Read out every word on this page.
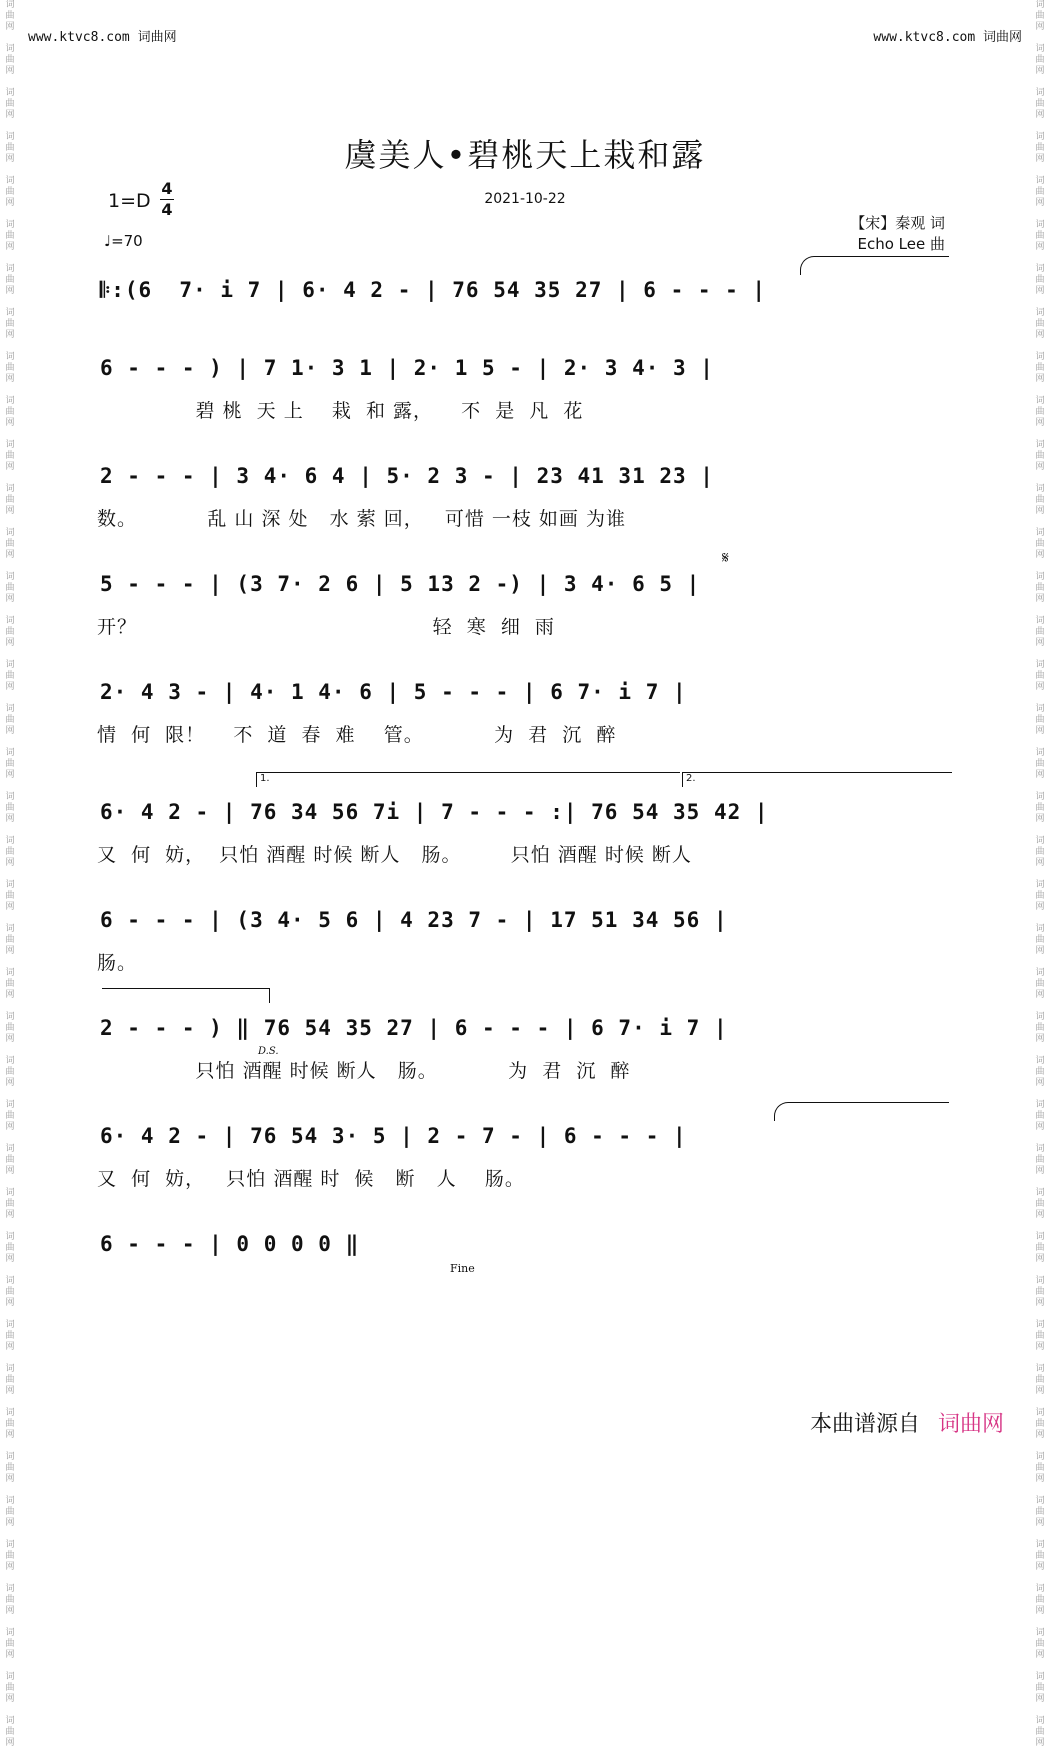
词
曲
网

词
曲
网

词
曲
网

词
曲
网

词
曲
网

词
曲
网

词
曲
网

词
曲
网

词
曲
网

词
曲
网

词
曲
网

词
曲
网

词
曲
网

词
曲
网

词
曲
网

词
曲
网

词
曲
网

词
曲
网

词
曲
网

词
曲
网

词
曲
网

词
曲
网

词
曲
网

词
曲
网

词
曲
网

词
曲
网

词
曲
网

词
曲
网

词
曲
网

词
曲
网

词
曲
网

词
曲
网

词
曲
网

词
曲
网

词
曲
网

词
曲
网

词
曲
网

词
曲
网

词
曲
网

词
曲
网

词
曲
网

词
曲
网

词
曲
网

词
曲
网

词
曲
网

词
曲
网

词
曲
网

词
曲
网

词
曲
网

词
曲
网

词
曲
网

词
曲
网

词
曲
网

词
曲
网

词
曲
网

词
曲
网

词
曲
网

词
曲
网

词
曲
网

词
曲
网

词
曲
网

词
曲
网

词
曲
网

词
曲
网

词
曲
网

词
曲
网

词
曲
网

词
曲
网

词
曲
网

词
曲
网

词
曲
网

词
曲
网

词
曲
网

词
曲
网

词
曲
网

词
曲
网

词
曲
网

词
曲
网

词
曲
网

词
曲
网

www.ktvc8.com 词曲网	www.ktvc8.com 词曲网
虞美人•碧桃天上栽和露
2021-10-22
1=D
4
4
♩=70
【宋】秦观 词
Echo Lee 曲
𝄆:(6  7· i 7 | 6· 4 2 - | 76 54 35 27 | 6 - - - |
6 - - - ) | 7 1· 3 1 | 2· 1 5 - | 2· 3 4· 3 |
碧 桃  天 上    栽  和 露，    不  是  凡  花
2 - - - | 3 4· 6 4 | 5· 2 3 - | 23 41 31 23 |
数。          乱 山 深 处   水 萦 回，   可惜 一枝 如画 为谁
𝄋
5 - - - | (3 7· 2 6 | 5 13 2 -) | 3 4· 6 5 |
开？                                          轻  寒  细  雨
2· 4 3 - | 4· 1 4· 6 | 5 - - - | 6 7· i 7 |
情  何  限！    不  道  春  难    管。          为  君  沉  醉
1.	2.
6· 4 2 - | 76 34 56 7i | 7 - - - :| 76 54 35 42 |
又  何  妨，  只怕 酒醒 时候 断人   肠。       只怕 酒醒 时候 断人
6 - - - | (3 4· 5 6 | 4 23 7 - | 17 51 34 56 |
肠。
D.S.
2 - - - ) ‖ 76 54 35 27 | 6 - - - | 6 7· i 7 |
只怕 酒醒 时候 断人   肠。          为  君  沉  醉
6· 4 2 - | 76 54 3· 5 | 2 - 7 - | 6 - - - |
又  何  妨，   只怕 酒醒 时  候   断   人    肠。
6 - - - | 0 0 0 0 ‖
Fine
本曲谱源自 词曲网
